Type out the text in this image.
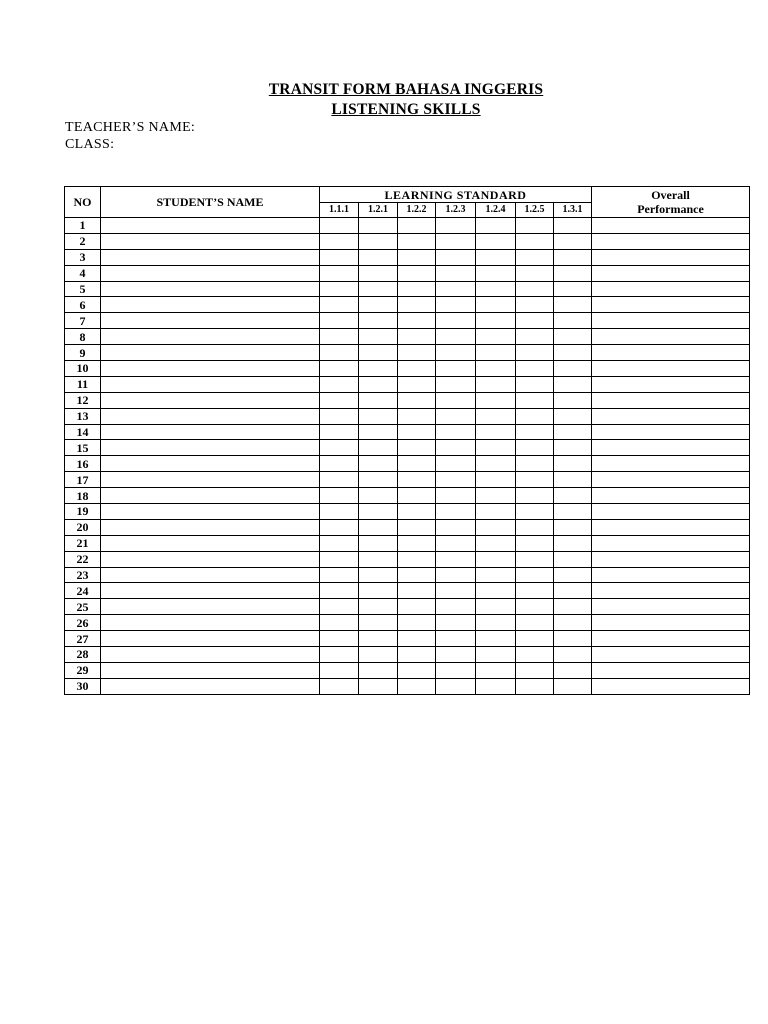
TRANSIT FORM BAHASA INGGERIS
LISTENING SKILLS
TEACHER’S NAME:
CLASS:
NO	STUDENT’S NAME	LEARNING STANDARD							Overall
Performance

		1.1.1	1.2.1	1.2.2	1.2.3	1.2.4	1.2.5	1.3.1	
1									
2									
3									
4									
5									
6									
7									
8									
9									
10									
11									
12									
13									
14									
15									
16									
17									
18									
19									
20									
21									
22									
23									
24									
25									
26									
27									
28									
29									
30									
